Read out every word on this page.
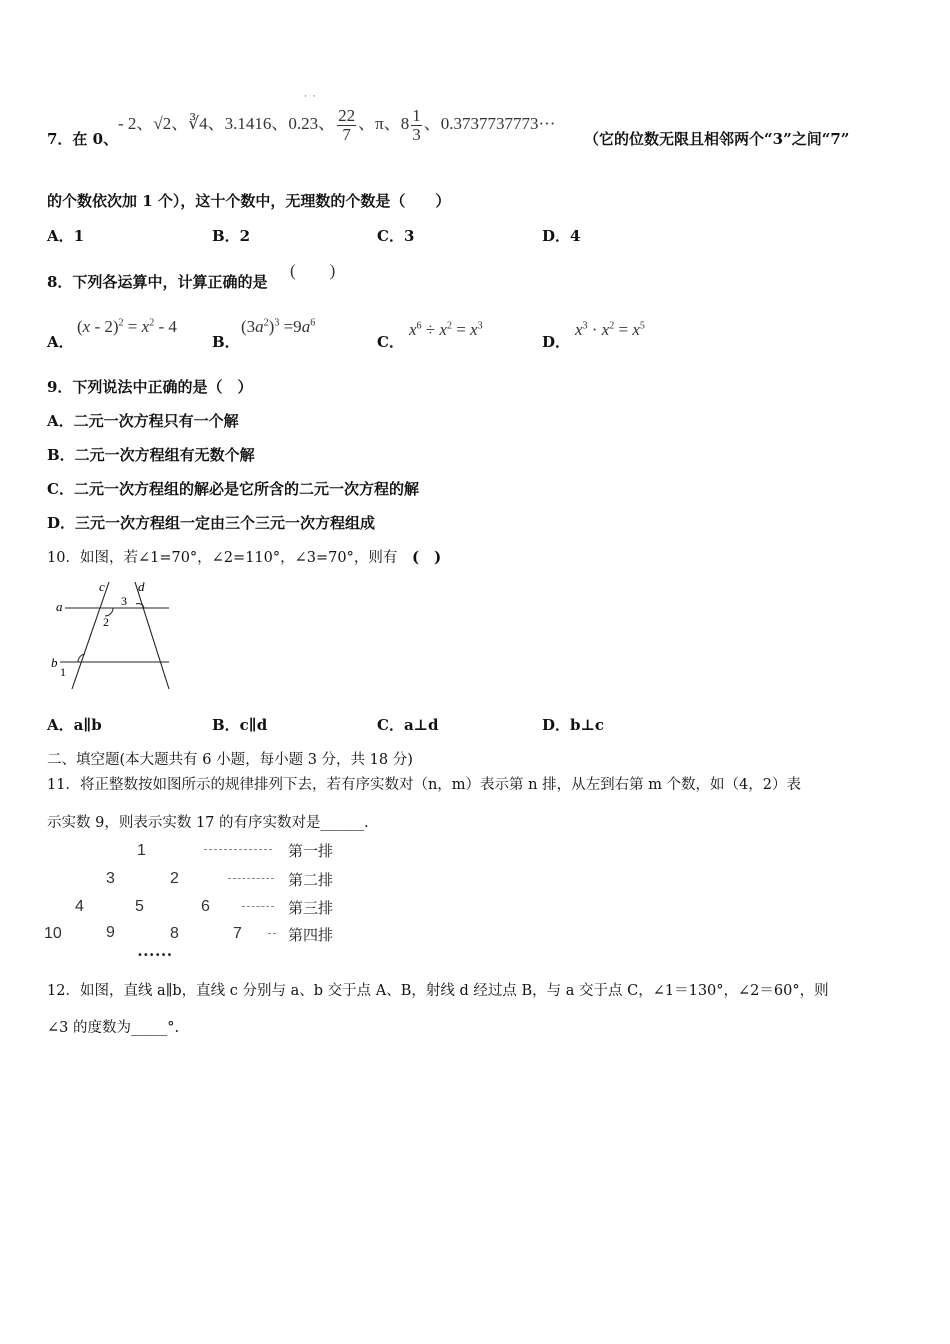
7．在 0、
- 2、√2、∛4、3.1416、0.
·
2
·
3、 $\frac{22}{7}$ 、π、$8 \frac{1}{3}$ 、0.3737737773···
（它的位数无限且相邻两个“3”之间“7”
的个数依次加 1 个），这十个数中，无理数的个数是（　　）
A．1	B．2	C．3	D．4
8．下列各运算中，计算正确的是
(　　)
A．
$(x - 2)^2 = x^2 - 4$
B．
$(3a^2)^3 =9a^6$
C．
$x^6 \div x^2 = x^3$
D．
$x^3 \cdot x^2 = x^5$
9．下列说法中正确的是（　）
A．二元一次方程只有一个解
B．二元一次方程组有无数个解
C．二元一次方程组的解必是它所含的二元一次方程的解
D．三元一次方程组一定由三个三元一次方程组成
10．如图，若∠1=70°，∠2=110°，∠3=70°，则有 (　)
a
b
c	d
1
2
3
A．a∥b	B．c∥d	C．a⊥d	D．b⊥c
二、填空题(本大题共有 6 小题，每小题 3 分，共 18 分)
11．将正整数按如图所示的规律排列下去，若有序实数对（n，m）表示第 n 排，从左到右第 m 个数，如（4，2）表
示实数 9，则表示实数 17 的有序实数对是______.
1	第一排
3	2	第二排
4	5	6	第三排
10	9	8	7	第四排
••••••
12．如图，直线 a∥b，直线 c 分别与 a、b 交于点 A、B，射线 d 经过点 B，与 a 交于点 C，∠1＝130°，∠2＝60°，则
∠3 的度数为_____°.
